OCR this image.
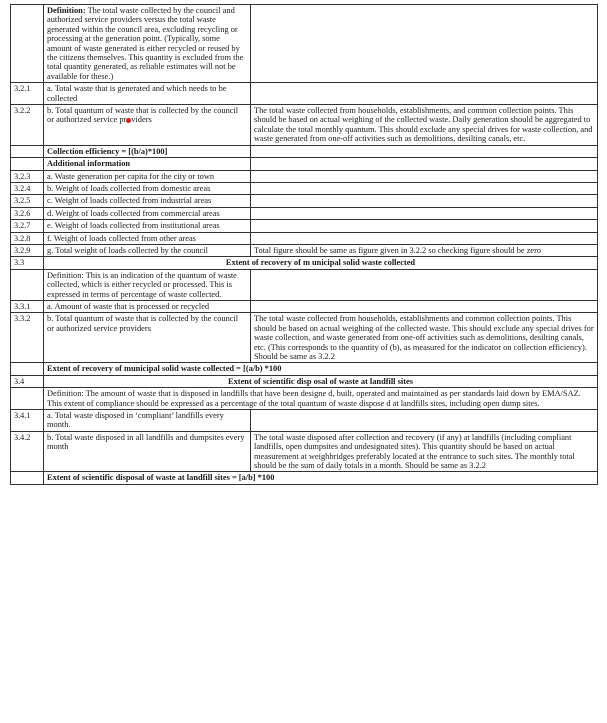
	Definition: The total waste collected by the council and authorized service providers versus the total waste generated within the council area, excluding recycling or processing at the generation point. (Typically, some amount of waste generated is either recycled or reused by the citizens themselves. This quantity is excluded from the total quantity generated, as reliable estimates will not be available for these.)	
3.2.1	a. Total waste that is generated and which needs to be collected	
3.2.2	b. Total quantum of waste that is collected by the council or authorized service pr viders	The total waste collected from households, establishments, and common collection points. This should be based on actual weighing of the collected waste. Daily generation should be aggregated to calculate the total monthly quantum. This should exclude any special drives for waste collection, and waste generated from one-off activities such as demolitions, desilting canals, etc.
	Collection efficiency = [(b/a)*100]	
	Additional information	
3.2.3	a. Waste generation per capita for the city or town	
3.2.4	b. Weight of loads collected from domestic areas	
3.2.5	c. Weight of loads collected from industrial areas	
3.2.6	d. Weight of loads collected from commercial areas	
3.2.7	e. Weight of loads collected from institutional areas	
3.2.8	f. Weight of loads collected from other areas	
3.2.9	g. Total weight of loads collected by the council	Total figure should be same as figure given in 3.2.2 so checking figure should be zero
3.3	Extent of recovery of m unicipal solid waste collected	
	Definition: This is an indication of the quantum of waste collected, which is either recycled or processed. This is expressed in terms of percentage of waste collected.	
3.3.1	a. Amount of waste that is processed or recycled	
3.3.2	b. Total quantum of waste that is collected by the council or authorized service providers	The total waste collected from households, establishments and common collection points. This should be based on actual weighing of the collected waste. This should exclude any special drives for waste collection, and waste generated from one-off activities such as demolitions, desilting canals, etc. (This corresponds to the quantity of (b), as measured for the indicator on collection efficiency). Should be same as 3.2.2
	Extent of recovery of municipal solid waste collected = [(a/b) *100	
3.4	Extent of scientific disp osal of waste at landfill sites	
	Definition: The amount of waste that is disposed in landfills that have been designe d, built, operated and maintained as per standards laid down by EMA/SAZ. This extent of compliance should be expressed as a percentage of the total quantum of waste dispose d at landfills sites, including open dump sites.	
3.4.1	a. Total waste disposed in ‘compliant’ landfills every month.	
3.4.2	b. Total waste disposed in all landfills and dumpsites every month	The total waste disposed after collection and recovery (if any) at landfills (including compliant landfills, open dumpsites and undesignated sites). This quantity should be based on actual measurement at weighbridges preferably located at the entrance to such sites. The monthly total should be the sum of daily totals in a month. Should be same as 3.2.2
	Extent of scientific disposal of waste at landfill sites = [a/b] *100	
